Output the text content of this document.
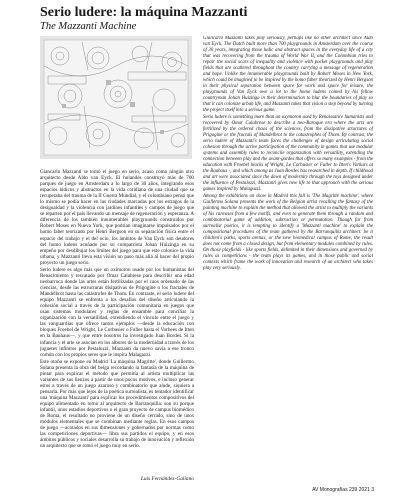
Serio ludere: la máquina Mazzanti
The Mazzanti Machine

Giancarlo Mazzanti se tomó el juego en serio, acaso como ningún otro arquitecto desde Aldo van Eyck. El holandés construyó más de 700 parques de juego en Amsterdam a lo largo de 30 años, integrando esos espacios lúdicos y abstractos en la vida cotidiana de una ciudad que se recuperaba del trauma de la II Guerra Mundial, y el colombiano pensó que lo mismo se podía hacer en las ciudades marcadas por los estragos de la desigualdad y la violencia con jardines infantiles y campos de juego que se reparten por el país llevando un mensaje de regeneración y esperanza. A diferencia de los también innumerables playgrounds construidos por Robert Moses en Nueva York, que podrían imaginarse impulsados por el homo faber teorizado por Henri Bergson en su separación física entre el espacio del trabajo y el del ocio, los ámbitos de Van Eyck son deudores del homo ludens acuñado por su compatriota Johan Huizinga en su empeño por desdibujar los límites del juego para que este colonice la vida urbana, y Mazzanti lleva esta visión un paso más allá al hacer del propio proyecto un juego serio.

Serio ludere es algo más que un oxímoron usado por los humanistas del Renacimiento y rescatado por Omar Calabrese para describir una edad neobarroca donde las artes están fertilizadas por el caos ordenado de las ciencias, desde las estructuras disipativas de Prigogine o los fractales de Mandelbrot hasta las catástrofes de Thom. En contraste, el serio ludere del equipo Mazzanti se enfrenta a los desafíos del diseño articulando la cohesión social a través de la participación comunitaria en juegos que usan sistemas modulares y reglas de ensamble para conciliar la organización con la versatilidad, extendiendo el vínculo entre el juego y las vanguardias que ofrece tantos ejemplos —desde la educación con bloques Froebel de Wright, Le Corbusier o Fuller hasta el Vorhees de Itten en la Bauhaus—, y que entre nosotros ha investigado Juan Bordes. Si la infancia y el arte se asocian en los albores de la modernidad a través de los juguetes infinitos por Pestalozzi, Mazzanti da nuevo savia a ese tronco común con los propios seres que le inspira Malagazzi.

Este otoño se expone en Madrid 'La máquina Magritte', donde Guillermo Solana presenta la obra del belga recordando la fantasía de la máquina de pintar para explicar el método que permitía al artista multiplicar las variantes de sus lienzos a partir de unos pocos motivos, e incluso generar estos a través de un juego azaroso y combinatorio que alude, siquiera a pensarla. Por más que lejos de la poética surrealista, es tentador identificar una 'máquina Mazzanti' para explicar los procedimientos compositivos del equipo alimentado en torno al arquitecto de Barranquilla: son su porque infantil, unos estadios deportivos o el gran proyecto de campus biomédico de Roma, el resultado no proviene de un diseño cerrado, sino de unos módulos elementales que se combinan mediante reglas. En esos campos de juego —acotados en sus dimensiones y gobernados por normas como las competiciones deportivas— libra sus partidos el equipo, y en esos ámbitos públicos y sociales desarrolla su trabajo de innovación y reflexión un arquitecto que se tomó el juego muy en serio.

Giancarlo Mazzanti takes play seriously, perhaps like no other architect since Aldo van Eyck. The Dutch built more than 700 playgrounds in Amsterdam over the course of 30 years, integrating those ludic and abstract spaces in the everyday life of a city that was recovering from the trauma of World War II, and the Colombian tries to repair the social scars of inequality and violence with pocket playgrounds and play fields that are scattered throughout the country carrying a message of regeneration and hope. Unlike the innumerable playgrounds built by Robert Moses in New York, which could be imagined to be inspired by the homo faber theorized by Henri Bergson in their physical separation between space for work and space for leisure, the playgrounds of Van Eyck owe a lot to the homo ludens coined by his fellow countryman Johan Huizinga in their determination to blur the boundaries of play so that it can colonize urban life, and Mazzanti takes that vision a step beyond by turning the project itself into a serious game.

Serio ludere is something more than an oxymoron used by Renaissance humanists and recovered by Omar Calabrese to describe a neo-Baroque era where the arts are fertilized by the ordered chaos of the sciences, from the dissipative structures of Prigogine or the fractals of Mandelbrot to the catastrophes of Thom. By contrast, the serio ludere of Mazzanti's team faces the challenges of design articulating social cohesion through the active participation of the community in games that use modular systems and assembly rules to reconcile organization with versatility, extending the connection between play and the avant-gardes that offers so many examples - from the education with Froebel blocks of Wright, Le Corbusier or Fuller to Itten's Vorkurs at the Bauhaus -, and which among us Juan Bordes has researched in depth. If childhood and art were associated since the dawn of modernity through the toys designed under the influence of Pestalozzi, Mazzanti gives new life to that approach with the serious games inspired by Malaguzzi.

Among the exhibitions on show in Madrid this fall is 'The Magritte machine', where Guillermo Solana presents the work of the Belgian artist recalling the fantasy of the painting machine to explain the method that allowed the artist to multiply the variants of his canvases from a few motifs, and even to generate them through a random and combinatorial game of addition, subtraction or permutation. Though far from surrealist poetics, it is tempting to identify a 'Mazzanti machine' to explain the compositional procedures of the team gathered by the Barranquilla architect: be it children's parks, sports arenas, or the new biomedical campus of Rome, the result does not come from a closed design, but from elementary modules combined by rules. On those playfields - like sports fields, delimited in their dimensions and governed by rules as competitions - the team plays its games, and in those public and social contexts which frame the work of innovation and research of an architect who takes play very seriously.

Luis Fernández-Galiano
AV Monografías 239 2021 3
